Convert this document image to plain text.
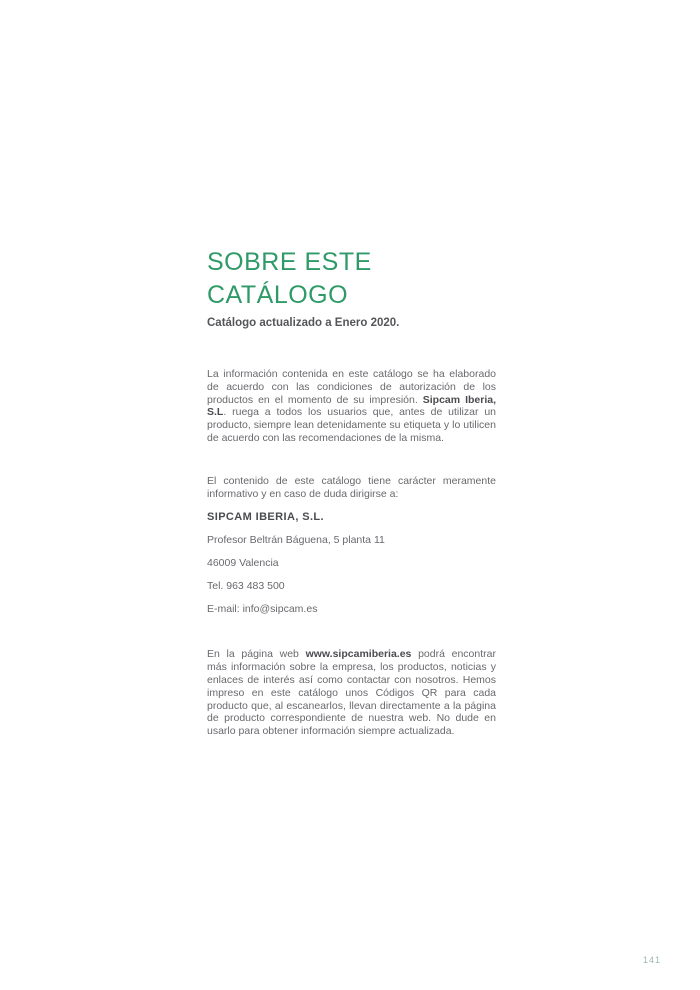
SOBRE ESTE
CATÁLOGO

Catálogo actualizado a Enero 2020.

La información contenida en este catálogo se ha elaborado de acuerdo con las condiciones de autorización de los productos en el momento de su impresión. Sipcam Iberia, S.L. ruega a todos los usuarios que, antes de utilizar un producto, siempre lean detenidamente su etiqueta y lo utilicen de acuerdo con las recomendaciones de la misma.

El contenido de este catálogo tiene carácter meramente informativo y en caso de duda dirigirse a:

SIPCAM IBERIA, S.L.

Profesor Beltrán Báguena, 5 planta 11

46009 Valencia

Tel. 963 483 500

E-mail: info@sipcam.es

En la página web www.sipcamiberia.es podrá encontrar más información sobre la empresa, los productos, noticias y enlaces de interés así como contactar con nosotros. Hemos impreso en este catálogo unos Códigos QR para cada producto que, al escanearlos, llevan directamente a la página de producto correspondiente de nuestra web. No dude en usarlo para obtener información siempre actualizada.

141
